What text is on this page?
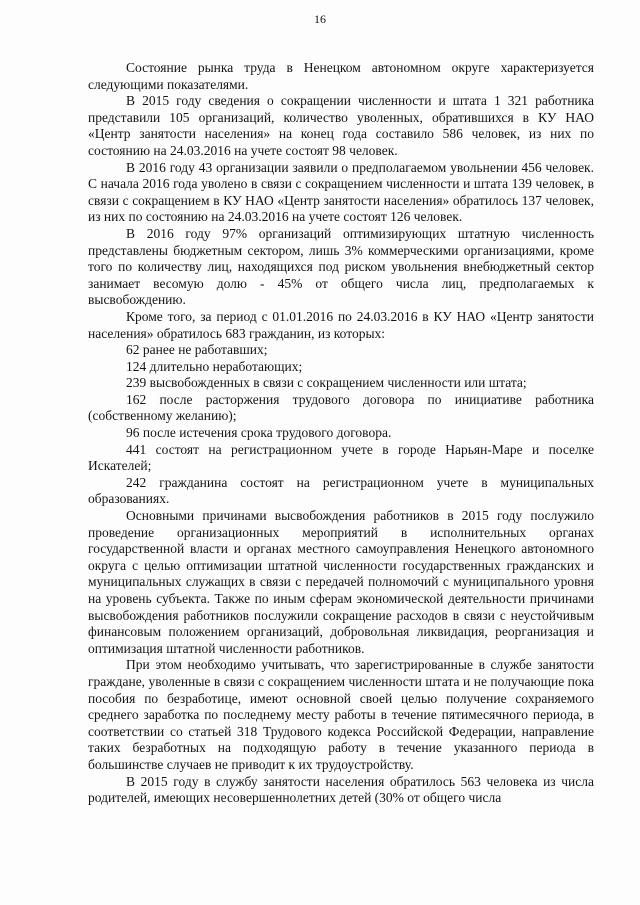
16

Состояние рынка труда в Ненецком автономном округе характеризуется следующими показателями.

В 2015 году сведения о сокращении численности и штата 1 321 работника представили 105 организаций, количество уволенных, обратившихся в КУ НАО «Центр занятости населения» на конец года составило 586 человек, из них по состоянию на 24.03.2016 на учете состоят 98 человек.

В 2016 году 43 организации заявили о предполагаемом увольнении 456 человек. С начала 2016 года уволено в связи с сокращением численности и штата 139 человек, в связи с сокращением в КУ НАО «Центр занятости населения» обратилось 137 человек, из них по состоянию на 24.03.2016 на учете состоят 126 человек.

В 2016 году 97% организаций оптимизирующих штатную численность представлены бюджетным сектором, лишь 3% коммерческими организациями, кроме того по количеству лиц, находящихся под риском увольнения внебюджетный сектор занимает весомую долю - 45% от общего числа лиц, предполагаемых к высвобождению.

Кроме того, за период с 01.01.2016 по 24.03.2016 в КУ НАО «Центр занятости населения» обратилось 683 гражданин, из которых:

62 ранее не работавших;

124 длительно неработающих;

239 высвобожденных в связи с сокращением численности или штата;

162 после расторжения трудового договора по инициативе работника (собственному желанию);

96 после истечения срока трудового договора.

441 состоят на регистрационном учете в городе Нарьян-Маре и поселке Искателей;

242 гражданина состоят на регистрационном учете в муниципальных образованиях.

Основными причинами высвобождения работников в 2015 году послужило проведение организационных мероприятий в исполнительных органах государственной власти и органах местного самоуправления Ненецкого автономного округа с целью оптимизации штатной численности государственных гражданских и муниципальных служащих в связи с передачей полномочий с муниципального уровня на уровень субъекта. Также по иным сферам экономической деятельности причинами высвобождения работников послужили сокращение расходов в связи с неустойчивым финансовым положением организаций, добровольная ликвидация, реорганизация и оптимизация штатной численности работников.

При этом необходимо учитывать, что зарегистрированные в службе занятости граждане, уволенные в связи с сокращением численности штата и не получающие пока пособия по безработице, имеют основной своей целью получение сохраняемого среднего заработка по последнему месту работы в течение пятимесячного периода, в соответствии со статьей 318 Трудового кодекса Российской Федерации, направление таких безработных на подходящую работу в течение указанного периода в большинстве случаев не приводит к их трудоустройству.

В 2015 году в службу занятости населения обратилось 563 человека из числа родителей, имеющих несовершеннолетних детей (30% от общего числа
